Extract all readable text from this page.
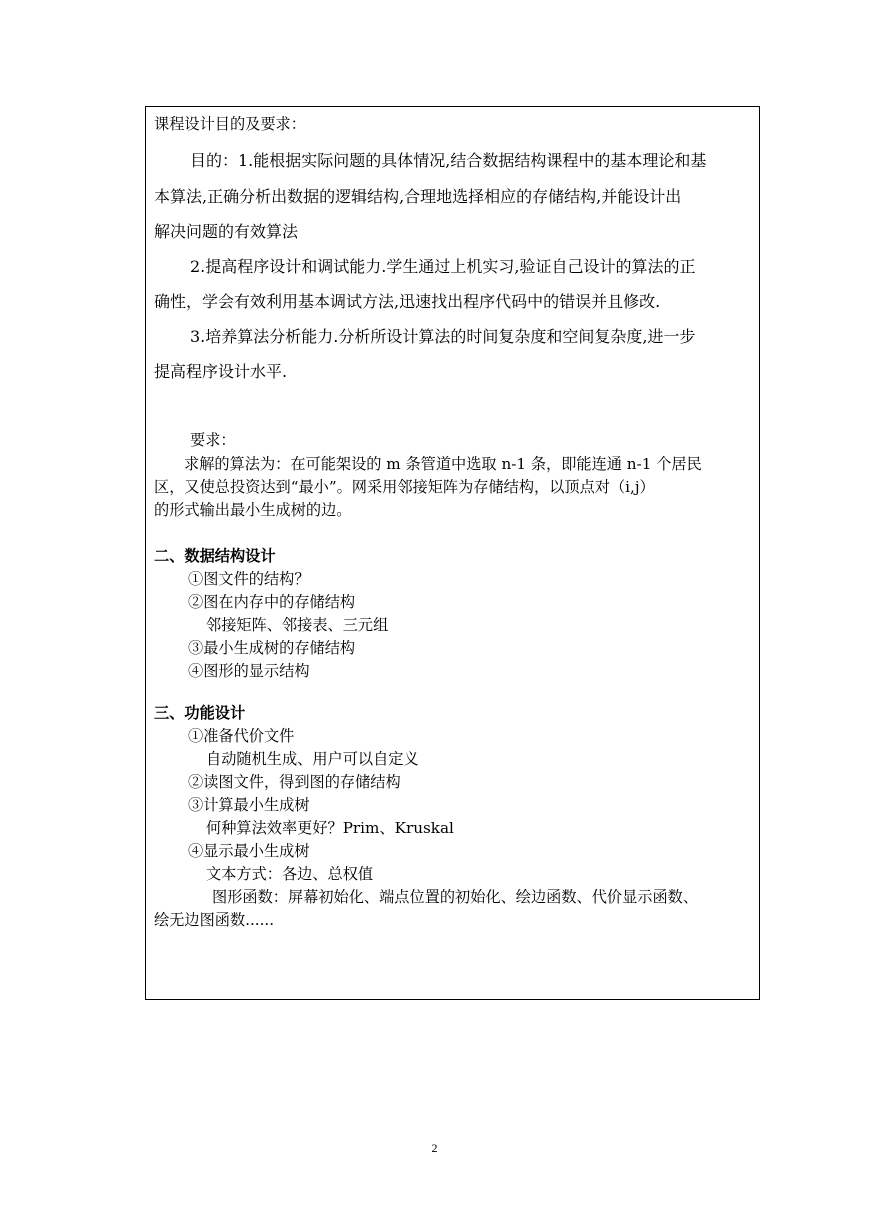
课程设计目的及要求：

目的：1.能根据实际问题的具体情况,结合数据结构课程中的基本理论和基

本算法,正确分析出数据的逻辑结构,合理地选择相应的存储结构,并能设计出

解决问题的有效算法

2.提高程序设计和调试能力.学生通过上机实习,验证自己设计的算法的正

确性，学会有效利用基本调试方法,迅速找出程序代码中的错误并且修改.

3.培养算法分析能力.分析所设计算法的时间复杂度和空间复杂度,进一步

提高程序设计水平.

要求：

求解的算法为：在可能架设的 m 条管道中选取 n-1 条，即能连通 n-1 个居民

区，又使总投资达到“最小”。网采用邻接矩阵为存储结构，以顶点对（i,j）

的形式输出最小生成树的边。

二、数据结构设计

①图文件的结构？

②图在内存中的存储结构

邻接矩阵、邻接表、三元组

③最小生成树的存储结构

④图形的显示结构

三、功能设计

①准备代价文件

自动随机生成、用户可以自定义

②读图文件，得到图的存储结构

③计算最小生成树

何种算法效率更好？Prim、Kruskal

④显示最小生成树

文本方式：各边、总权值

图形函数：屏幕初始化、端点位置的初始化、绘边函数、代价显示函数、

绘无边图函数......

2
